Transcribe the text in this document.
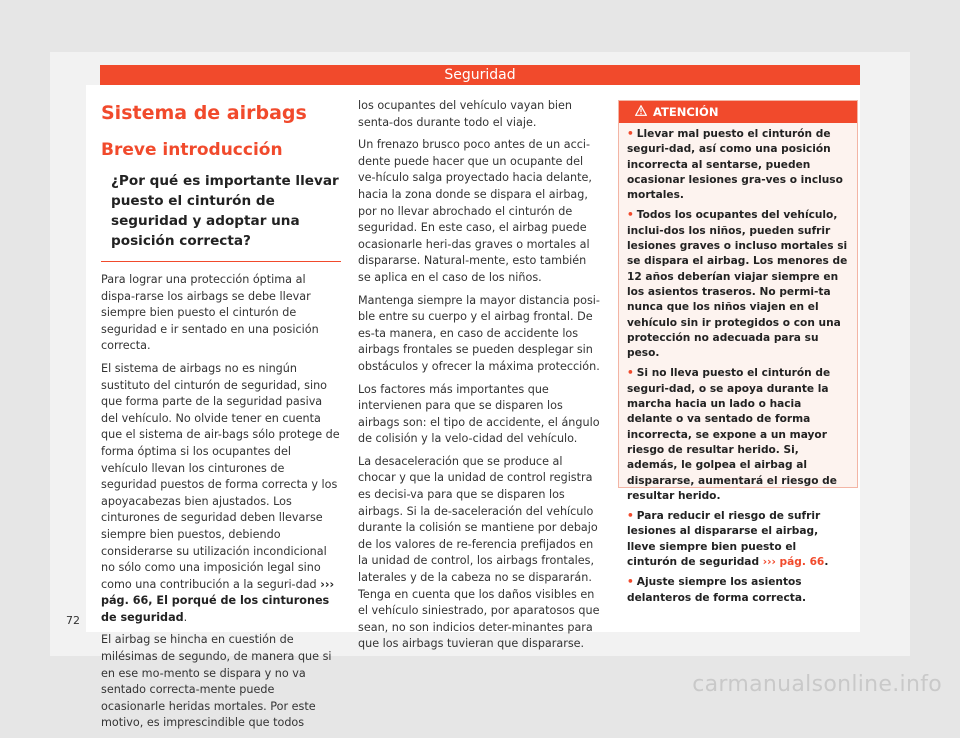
Seguridad
Sistema de airbags
Breve introducción
¿Por qué es importante llevar puesto el cinturón de seguridad y adoptar una posición correcta?

Para lograr una protección óptima al dispa-rarse los airbags se debe llevar siempre bien puesto el cinturón de seguridad e ir sentado en una posición correcta.

El sistema de airbags no es ningún sustituto del cinturón de seguridad, sino que forma parte de la seguridad pasiva del vehículo. No olvide tener en cuenta que el sistema de air-bags sólo protege de forma óptima si los ocupantes del vehículo llevan los cinturones de seguridad puestos de forma correcta y los apoyacabezas bien ajustados. Los cinturones de seguridad deben llevarse siempre bien puestos, debiendo considerarse su utilización incondicional no sólo como una imposición legal sino como una contribución a la seguri-dad ››› pág. 66, El porqué de los cinturones de seguridad.

El airbag se hincha en cuestión de milésimas de segundo, de manera que si en ese mo-mento se dispara y no va sentado correcta-mente puede ocasionarle heridas mortales. Por este motivo, es imprescindible que todos

los ocupantes del vehículo vayan bien senta-dos durante todo el viaje.

Un frenazo brusco poco antes de un acci-dente puede hacer que un ocupante del ve-hículo salga proyectado hacia delante, hacia la zona donde se dispara el airbag, por no llevar abrochado el cinturón de seguridad. En este caso, el airbag puede ocasionarle heri-das graves o mortales al dispararse. Natural-mente, esto también se aplica en el caso de los niños.

Mantenga siempre la mayor distancia posi-ble entre su cuerpo y el airbag frontal. De es-ta manera, en caso de accidente los airbags frontales se pueden desplegar sin obstáculos y ofrecer la máxima protección.

Los factores más importantes que intervienen para que se disparen los airbags son: el tipo de accidente, el ángulo de colisión y la velo-cidad del vehículo.

La desaceleración que se produce al chocar y que la unidad de control registra es decisi-va para que se disparen los airbags. Si la de-saceleración del vehículo durante la colisión se mantiene por debajo de los valores de re-ferencia prefijados en la unidad de control, los airbags frontales, laterales y de la cabeza no se dispararán. Tenga en cuenta que los daños visibles en el vehículo siniestrado, por aparatosos que sean, no son indicios deter-minantes para que los airbags tuvieran que dispararse.

ATENCIÓN

• Llevar mal puesto el cinturón de seguri-dad, así como una posición incorrecta al sentarse, pueden ocasionar lesiones gra-ves o incluso mortales.

• Todos los ocupantes del vehículo, inclui-dos los niños, pueden sufrir lesiones graves o incluso mortales si se dispara el airbag. Los menores de 12 años deberían viajar siempre en los asientos traseros. No permi-ta nunca que los niños viajen en el vehículo sin ir protegidos o con una protección no adecuada para su peso.

• Si no lleva puesto el cinturón de seguri-dad, o se apoya durante la marcha hacia un lado o hacia delante o va sentado de forma incorrecta, se expone a un mayor riesgo de resultar herido. Si, además, le golpea el airbag al dispararse, aumentará el riesgo de resultar herido.

• Para reducir el riesgo de sufrir lesiones al dispararse el airbag, lleve siempre bien puesto el cinturón de seguridad ››› pág. 66.

• Ajuste siempre los asientos delanteros de forma correcta.

72
carmanualsonline.info
